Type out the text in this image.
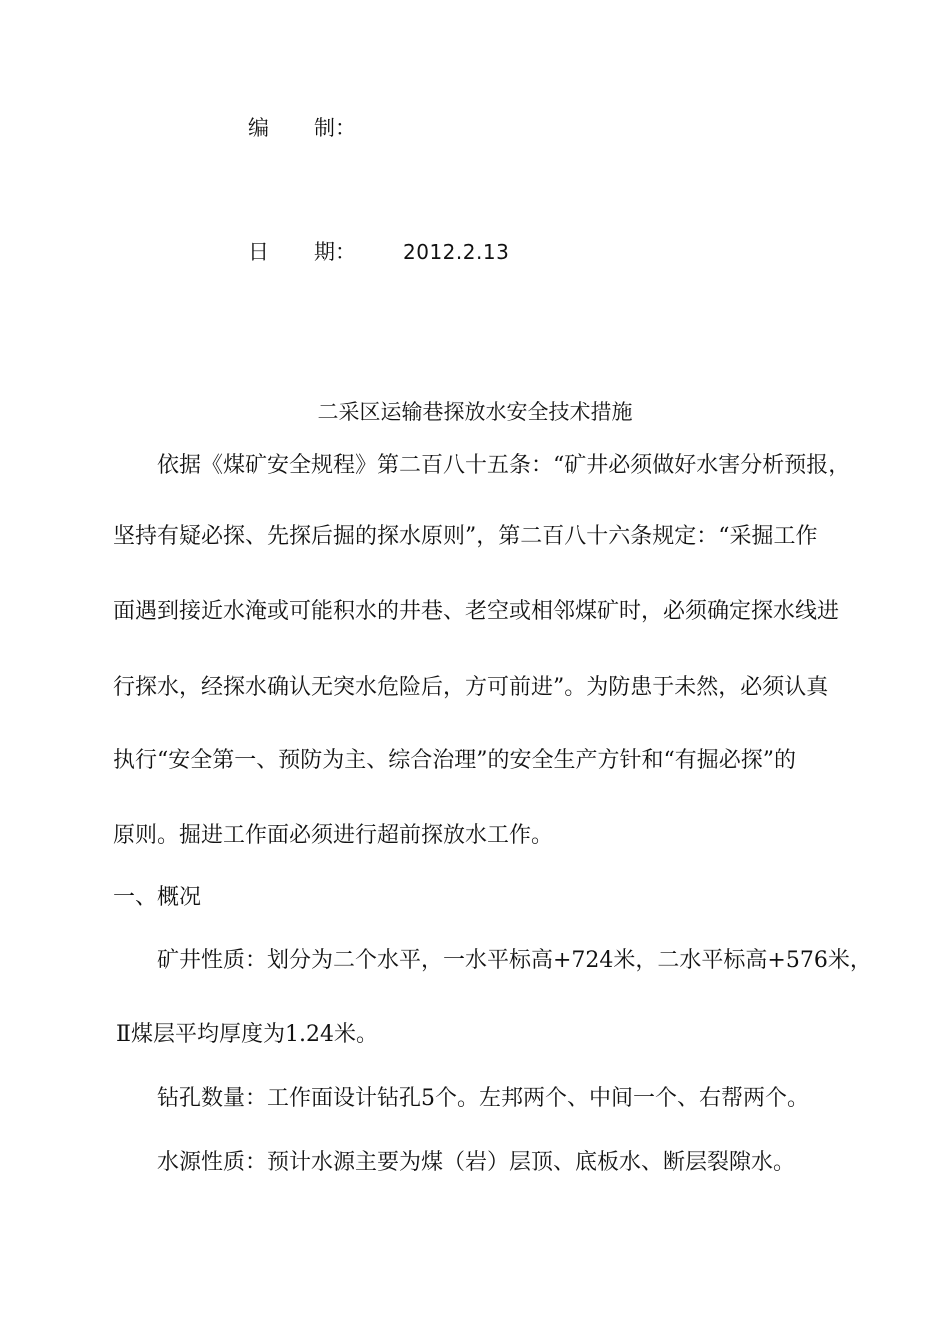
编 制：
日 期： 2012.2.13
二采区运输巷探放水安全技术措施
依据《煤矿安全规程》第二百八十五条：“矿井必须做好水害分析预报，
坚持有疑必探、先探后掘的探水原则”，第二百八十六条规定：“采掘工作
面遇到接近水淹或可能积水的井巷、老空或相邻煤矿时，必须确定探水线进
行探水，经探水确认无突水危险后，方可前进”。为防患于未然，必须认真
执行“安全第一、预防为主、综合治理”的安全生产方针和“有掘必探”的
原则。掘进工作面必须进行超前探放水工作。
一、概况
矿井性质：划分为二个水平，一水平标高+724米，二水平标高+576米，
Ⅱ煤层平均厚度为1.24米。
钻孔数量：工作面设计钻孔5个。左邦两个、中间一个、右帮两个。
水源性质：预计水源主要为煤（岩）层顶、底板水、断层裂隙水。
